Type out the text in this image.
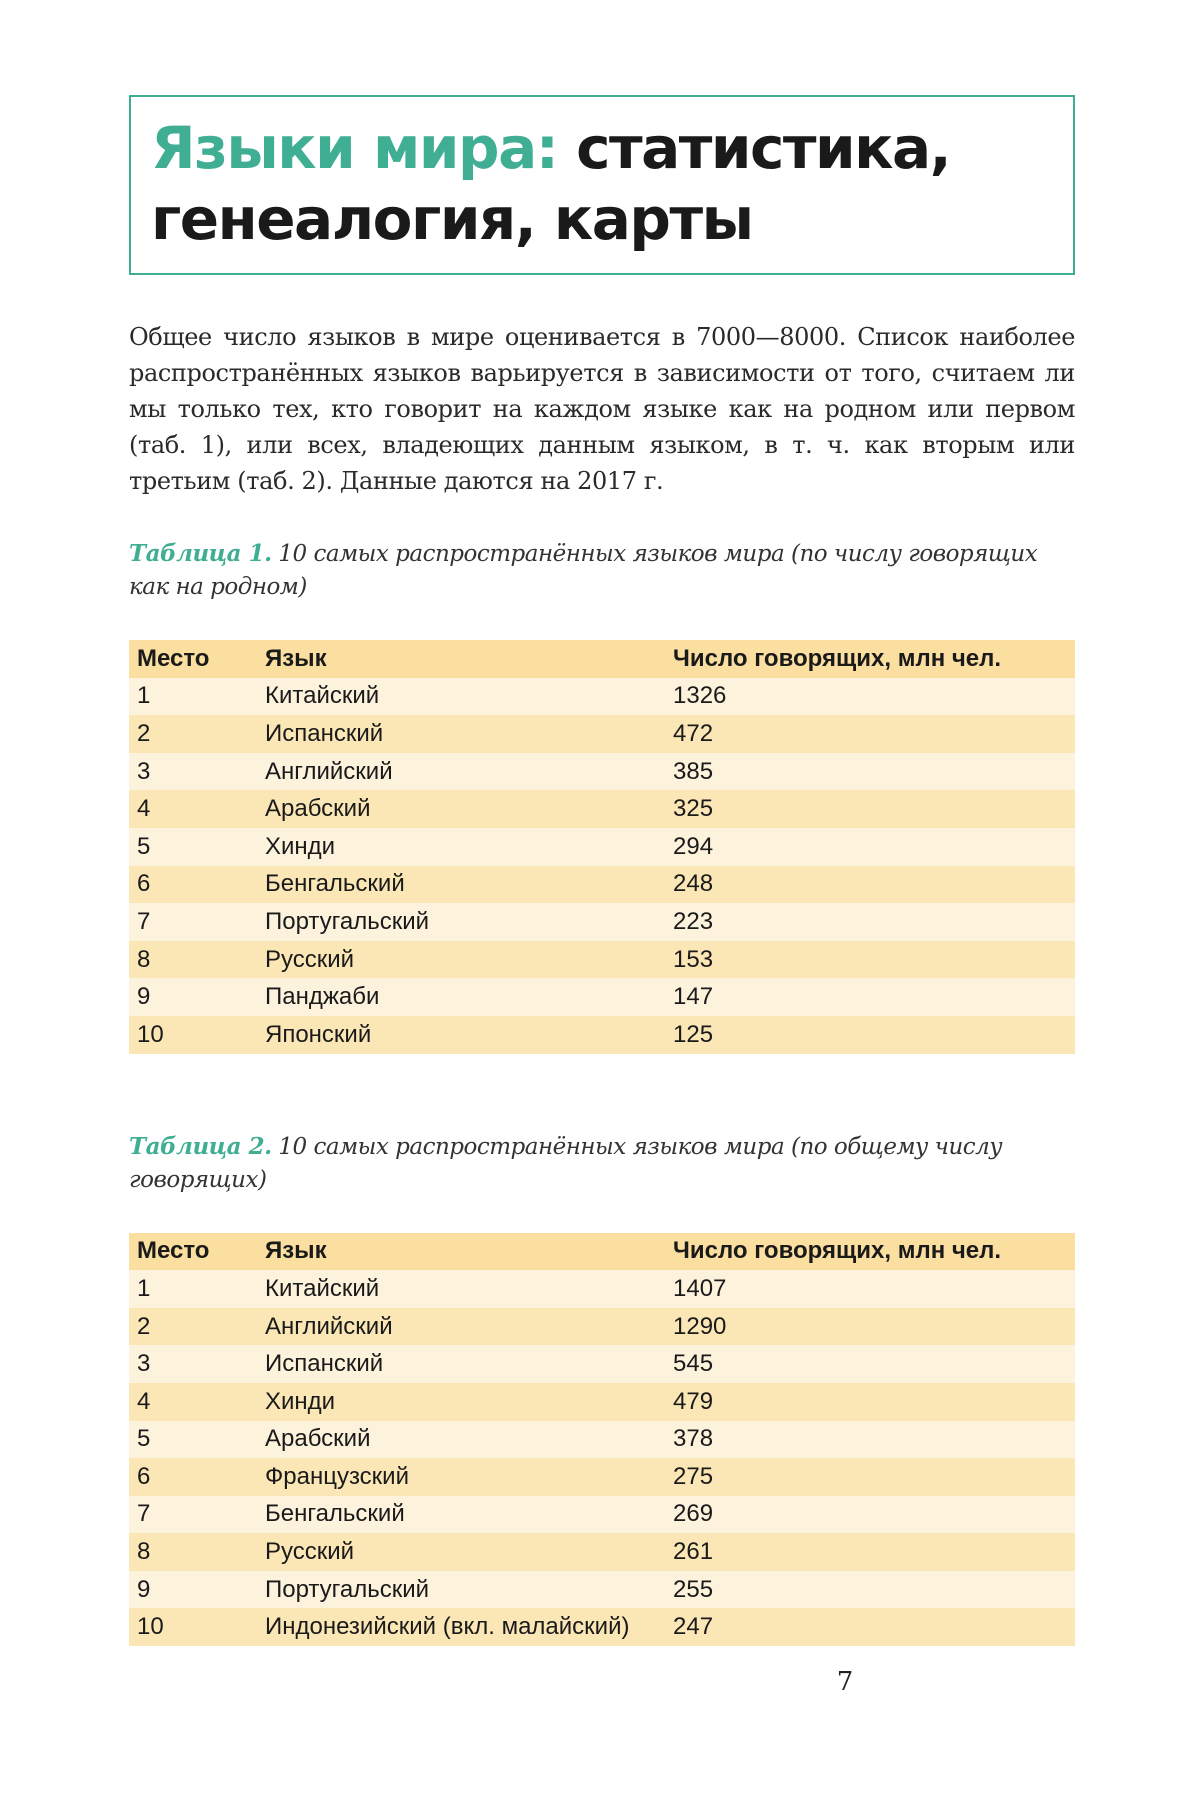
Языки мира: статистика, генеалогия, карты

Общее число языков в мире оценивается в 7000—8000. Список наиболее распространённых языков варьируется в зависимости от того, считаем ли мы только тех, кто говорит на каждом языке как на родном или первом (таб. 1), или всех, владеющих данным языком, в т. ч. как вторым или третьим (таб. 2). Данные даются на 2017 г.

Таблица 1. 10 самых распространённых языков мира (по числу говорящих как на родном)

Место	Язык	Число говорящих, млн чел.
1	Китайский	1326
2	Испанский	472
3	Английский	385
4	Арабский	325
5	Хинди	294
6	Бенгальский	248
7	Португальский	223
8	Русский	153
9	Панджаби	147
10	Японский	125

Таблица 2. 10 самых распространённых языков мира (по общему числу говорящих)

Место	Язык	Число говорящих, млн чел.
1	Китайский	1407
2	Английский	1290
3	Испанский	545
4	Хинди	479
5	Арабский	378
6	Французский	275
7	Бенгальский	269
8	Русский	261
9	Португальский	255
10	Индонезийский (вкл. малайский)	247
7
